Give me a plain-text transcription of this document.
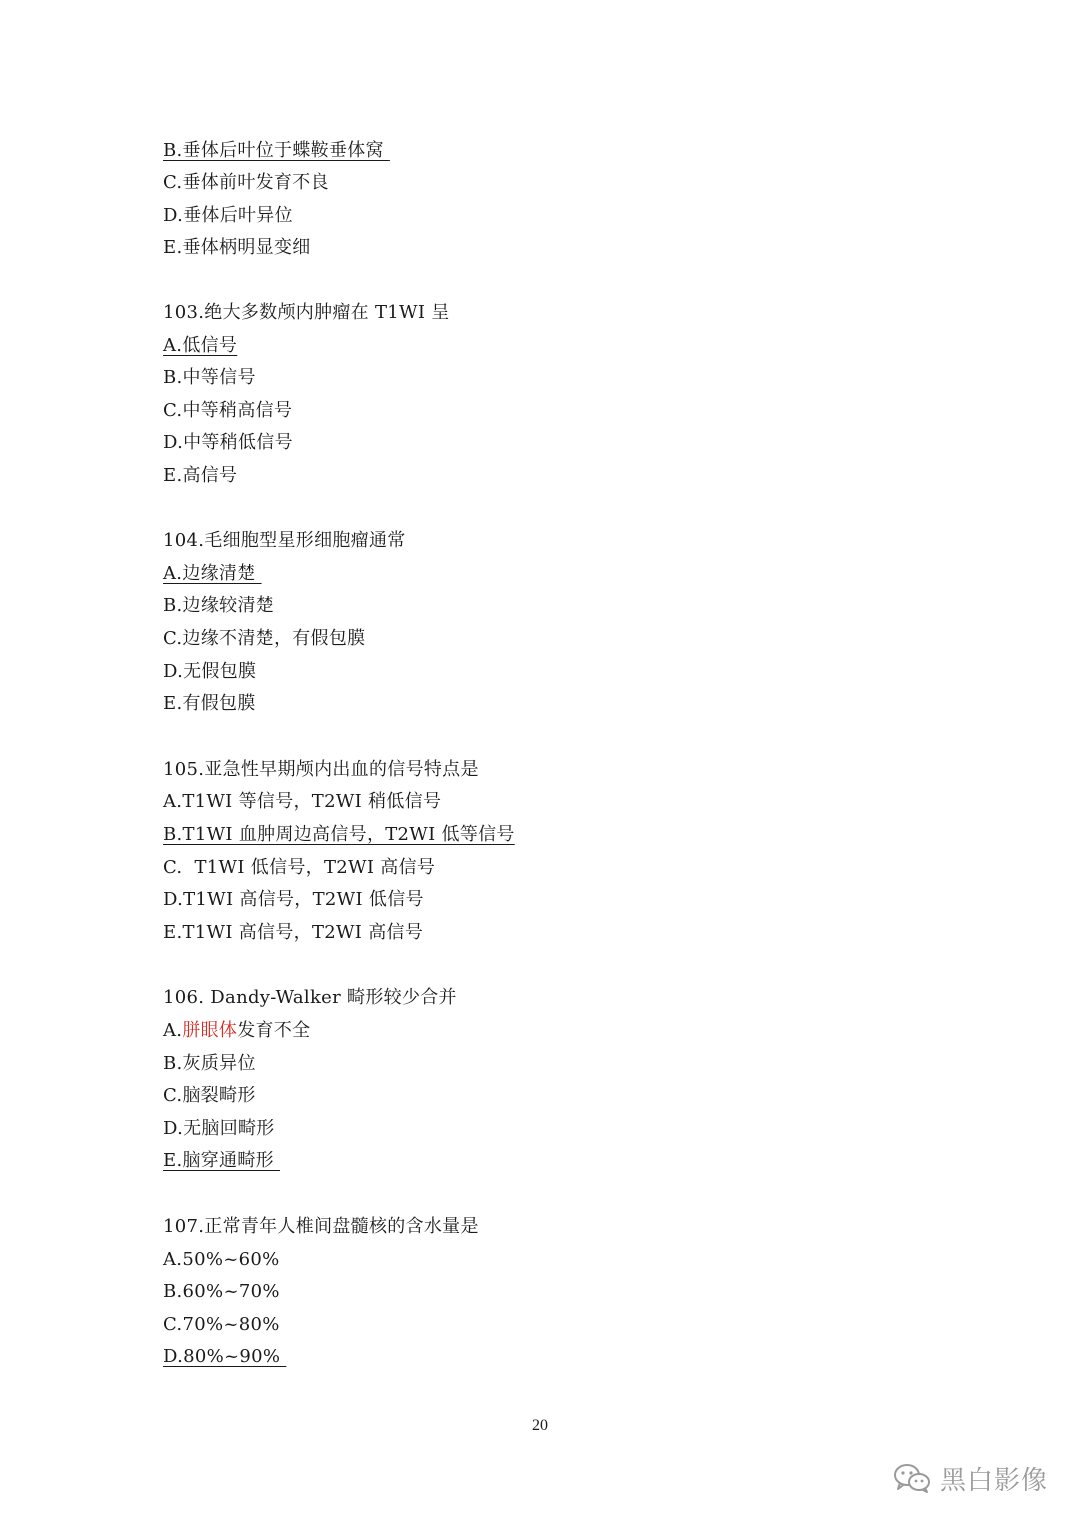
B.垂体后叶位于蝶鞍垂体窝
C.垂体前叶发育不良
D.垂体后叶异位
E.垂体柄明显变细
103.绝大多数颅内肿瘤在 T1WI 呈
A.低信号
B.中等信号
C.中等稍高信号
D.中等稍低信号
E.高信号
104.毛细胞型星形细胞瘤通常
A.边缘清楚
B.边缘较清楚
C.边缘不清楚，有假包膜
D.无假包膜
E.有假包膜
105.亚急性早期颅内出血的信号特点是
A.T1WI 等信号，T2WI 稍低信号
B.T1WI 血肿周边高信号，T2WI 低等信号
C.  T1WI 低信号，T2WI 高信号
D.T1WI 高信号，T2WI 低信号
E.T1WI 高信号，T2WI 高信号
106. Dandy-Walker 畸形较少合并
A.胼眼体发育不全
B.灰质异位
C.脑裂畸形
D.无脑回畸形
E.脑穿通畸形
107.正常青年人椎间盘髓核的含水量是
A.50%~60%
B.60%~70%
C.70%~80%
D.80%~90%
20
黑白影像
